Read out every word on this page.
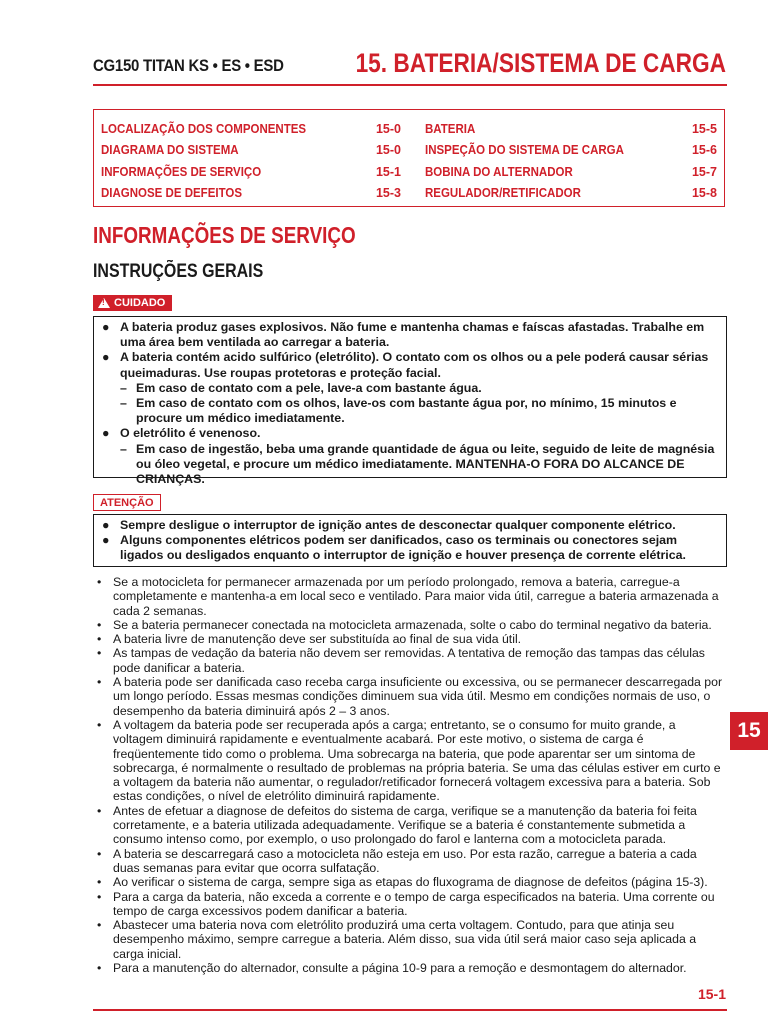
CG150 TITAN KS • ES • ESD	15. BATERIA/SISTEMA DE CARGA
LOCALIZAÇÃO DOS COMPONENTES	15-0
DIAGRAMA DO SISTEMA	15-0
INFORMAÇÕES DE SERVIÇO	15-1
DIAGNOSE DE DEFEITOS	15-3
BATERIA	15-5
INSPEÇÃO DO SISTEMA DE CARGA	15-6
BOBINA DO ALTERNADOR	15-7
REGULADOR/RETIFICADOR	15-8
INFORMAÇÕES DE SERVIÇO
INSTRUÇÕES GERAIS
!
CUIDADO
● A bateria produz gases explosivos. Não fume e mantenha chamas e faíscas afastadas. Trabalhe em uma área bem ventilada ao carregar a bateria.
● A bateria contém acido sulfúrico (eletrólito). O contato com os olhos ou a pele poderá causar sérias queimaduras. Use roupas protetoras e proteção facial.
– Em caso de contato com a pele, lave-a com bastante água.
– Em caso de contato com os olhos, lave-os com bastante água por, no mínimo, 15 minutos e procure um médico imediatamente.
● O eletrólito é venenoso.
– Em caso de ingestão, beba uma grande quantidade de água ou leite, seguido de leite de magnésia ou óleo vegetal, e procure um médico imediatamente. MANTENHA-O FORA DO ALCANCE DE CRIANÇAS.
ATENÇÃO
● Sempre desligue o interruptor de ignição antes de desconectar qualquer componente elétrico.
● Alguns componentes elétricos podem ser danificados, caso os terminais ou conectores sejam ligados ou desligados enquanto o interruptor de ignição e houver presença de corrente elétrica.
• Se a motocicleta for permanecer armazenada por um período prolongado, remova a bateria, carregue-a completamente e mantenha-a em local seco e ventilado. Para maior vida útil, carregue a bateria armazenada a cada 2 semanas.
• Se a bateria permanecer conectada na motocicleta armazenada, solte o cabo do terminal negativo da bateria.
• A bateria livre de manutenção deve ser substituída ao final de sua vida útil.
• As tampas de vedação da bateria não devem ser removidas. A tentativa de remoção das tampas das células pode danificar a bateria.
• A bateria pode ser danificada caso receba carga insuficiente ou excessiva, ou se permanecer descarregada por um longo período. Essas mesmas condições diminuem sua vida útil. Mesmo em condições normais de uso, o desempenho da bateria diminuirá após 2 – 3 anos.
• A voltagem da bateria pode ser recuperada após a carga; entretanto, se o consumo for muito grande, a voltagem diminuirá rapidamente e eventualmente acabará. Por este motivo, o sistema de carga é freqüentemente tido como o problema. Uma sobrecarga na bateria, que pode aparentar ser um sintoma de sobrecarga, é normalmente o resultado de problemas na própria bateria. Se uma das células estiver em curto e a voltagem da bateria não aumentar, o regulador/retificador fornecerá voltagem excessiva para a bateria. Sob estas condições, o nível de eletrólito diminuirá rapidamente.
• Antes de efetuar a diagnose de defeitos do sistema de carga, verifique se a manutenção da bateria foi feita corretamente, e a bateria utilizada adequadamente. Verifique se a bateria é constantemente submetida a consumo intenso como, por exemplo, o uso prolongado do farol e lanterna com a motocicleta parada.
• A bateria se descarregará caso a motocicleta não esteja em uso. Por esta razão, carregue a bateria a cada duas semanas para evitar que ocorra sulfatação.
• Ao verificar o sistema de carga, sempre siga as etapas do fluxograma de diagnose de defeitos (página 15-3).
• Para a carga da bateria, não exceda a corrente e o tempo de carga especificados na bateria. Uma corrente ou tempo de carga excessivos podem danificar a bateria.
• Abastecer uma bateria nova com eletrólito produzirá uma certa voltagem. Contudo, para que atinja seu desempenho máximo, sempre carregue a bateria. Além disso, sua vida útil será maior caso seja aplicada a carga inicial.
• Para a manutenção do alternador, consulte a página 10-9 para a remoção e desmontagem do alternador.
15
15-1
